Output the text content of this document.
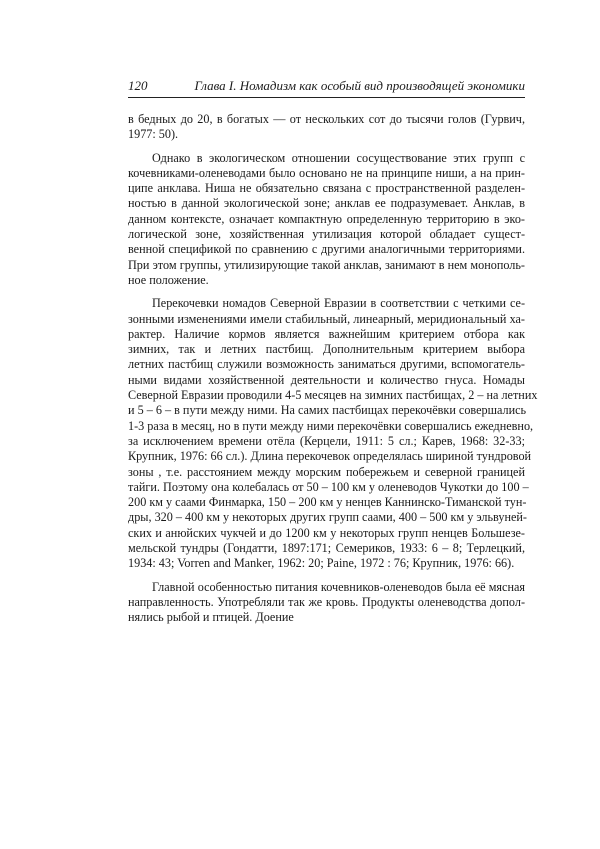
120	Глава I. Номадизм как особый вид производящей экономики
в бедных до 20, в богатых — от нескольких сот до тысячи голов (Гурвич,
1977: 50).
Однако в экологическом отношении сосуществование этих групп с
кочевниками-оленеводами было основано не на принципе ниши, а на прин-
ципе анклава. Ниша не обязательно связана с пространственной разделен-
ностью в данной экологической зоне; анклав ее подразумевает. Анклав, в
данном контексте, означает компактную определенную территорию в эко-
логической зоне, хозяйственная утилизация которой обладает сущест-
венной спецификой по сравнению с другими аналогичными территориями.
При этом группы, утилизирующие такой анклав, занимают в нем монополь-
ное положение.
Перекочевки номадов Северной Евразии в соответствии с четкими се-
зонными изменениями имели стабильный, линеарный, меридиональный ха-
рактер. Наличие кормов является важнейшим критерием отбора как
зимних, так и летних пастбищ. Дополнительным критерием выбора
летних пастбищ служили возможность заниматься другими, вспомогатель-
ными видами хозяйственной деятельности и количество гнуса. Номады
Северной Евразии проводили 4-5 месяцев на зимних пастбищах, 2 – на летних
и 5 – 6 – в пути между ними. На самих пастбищах перекочёвки совершались
1-3 раза в месяц, но в пути между ними перекочёвки совершались ежедневно,
за исключением времени отёла (Керцели, 1911: 5 сл.; Карев, 1968: 32-33;
Крупник, 1976: 66 сл.). Длина перекочевок определялась шириной тундровой
зоны , т.е. расстоянием между морским побережьем и северной границей
тайги. Поэтому она колебалась от 50 – 100 км у оленеводов Чукотки до 100 –
200 км у саами Финмарка, 150 – 200 км у ненцев Каннинско-Тиманской тун-
дры, 320 – 400 км у некоторых других групп саами, 400 – 500 км у эльвуней-
ских и анюйских чукчей и до 1200 км у некоторых групп ненцев Большезе-
мельской тундры (Гондатти, 1897:171; Семериков, 1933: 6 – 8; Терлецкий,
1934: 43; Vorren and Manker, 1962: 20; Paine, 1972 : 76; Крупник, 1976: 66).
Главной особенностью питания кочевников-оленеводов была её мясная
направленность. Употребляли так же кровь. Продукты оленеводства допол-
нялись рыбой и птицей. Доение
